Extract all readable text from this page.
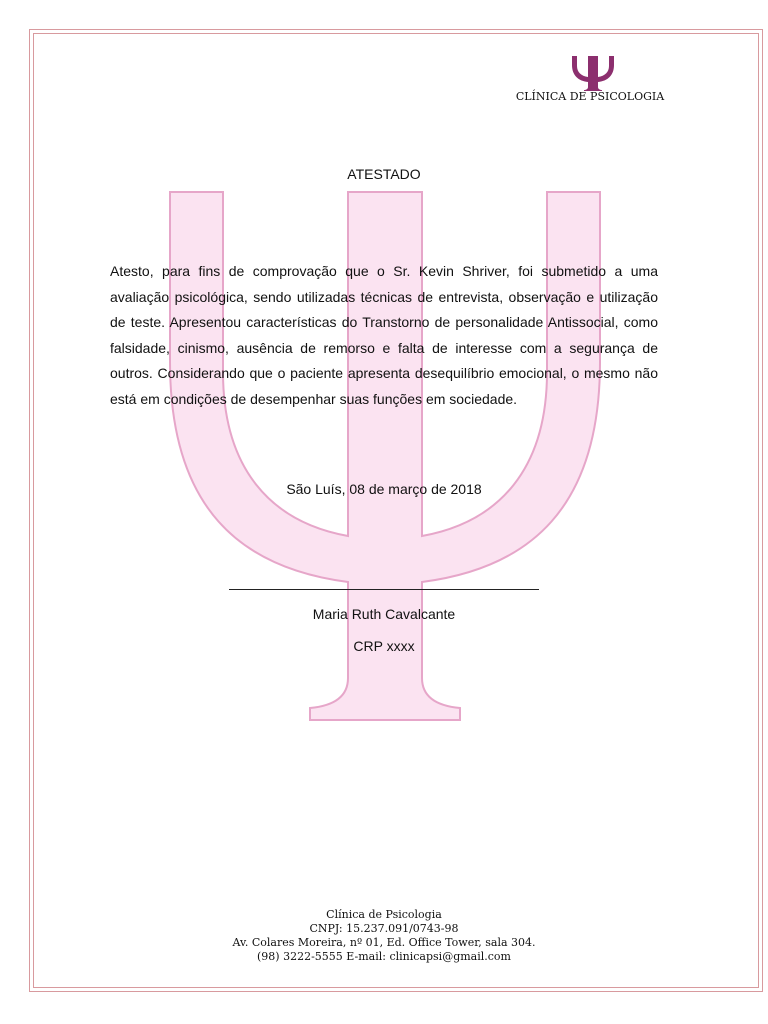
CLÍNICA DE PSICOLOGIA
ATESTADO

Atesto, para fins de comprovação que o Sr. Kevin Shriver, foi submetido a uma avaliação psicológica, sendo utilizadas técnicas de entrevista, observação e utilização de teste. Apresentou características do Transtorno de personalidade Antissocial, como falsidade, cinismo, ausência de remorso e falta de interesse com a segurança de outros. Considerando que o paciente apresenta desequilíbrio emocional, o mesmo não está em condições de desempenhar suas funções em sociedade.

São Luís, 08 de março de 2018
Maria Ruth Cavalcante
CRP xxxx
Clínica de Psicologia
CNPJ: 15.237.091/0743-98
Av. Colares Moreira, nº 01, Ed. Office Tower, sala 304.
(98) 3222-5555 E-mail: clinicapsi@gmail.com
